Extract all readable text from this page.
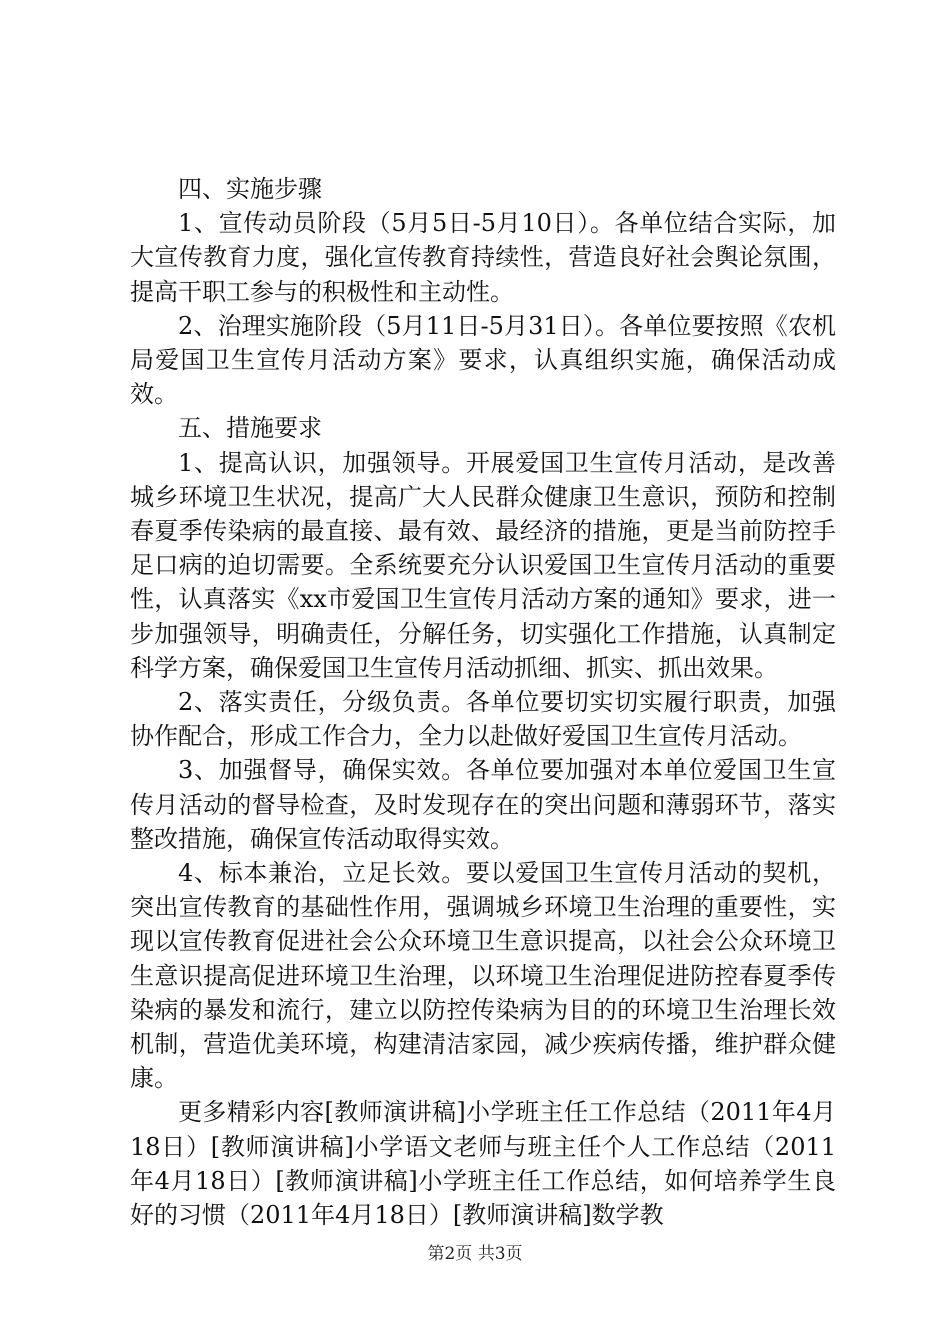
四、实施步骤

1、宣传动员阶段（5月5日-5月10日）。各单位结合实际，加大宣传教育力度，强化宣传教育持续性，营造良好社会舆论氛围，提高干职工参与的积极性和主动性。

2、治理实施阶段（5月11日-5月31日）。各单位要按照《农机局爱国卫生宣传月活动方案》要求，认真组织实施，确保活动成效。

五、措施要求

1、提高认识，加强领导。开展爱国卫生宣传月活动，是改善城乡环境卫生状况，提高广大人民群众健康卫生意识，预防和控制春夏季传染病的最直接、最有效、最经济的措施，更是当前防控手足口病的迫切需要。全系统要充分认识爱国卫生宣传月活动的重要性，认真落实《xx市爱国卫生宣传月活动方案的通知》要求，进一步加强领导，明确责任，分解任务，切实强化工作措施，认真制定科学方案，确保爱国卫生宣传月活动抓细、抓实、抓出效果。

2、落实责任，分级负责。各单位要切实切实履行职责，加强协作配合，形成工作合力，全力以赴做好爱国卫生宣传月活动。

3、加强督导，确保实效。各单位要加强对本单位爱国卫生宣传月活动的督导检查，及时发现存在的突出问题和薄弱环节，落实整改措施，确保宣传活动取得实效。

4、标本兼治，立足长效。要以爱国卫生宣传月活动的契机，突出宣传教育的基础性作用，强调城乡环境卫生治理的重要性，实现以宣传教育促进社会公众环境卫生意识提高，以社会公众环境卫生意识提高促进环境卫生治理，以环境卫生治理促进防控春夏季传染病的暴发和流行，建立以防控传染病为目的的环境卫生治理长效机制，营造优美环境，构建清洁家园，减少疾病传播，维护群众健康。

更多精彩内容[教师演讲稿]小学班主任工作总结（2011年4月18日）[教师演讲稿]小学语文老师与班主任个人工作总结（2011年4月18日）[教师演讲稿]小学班主任工作总结，如何培养学生良好的习惯（2011年4月18日）[教师演讲稿]数学教

第2页 共3页
